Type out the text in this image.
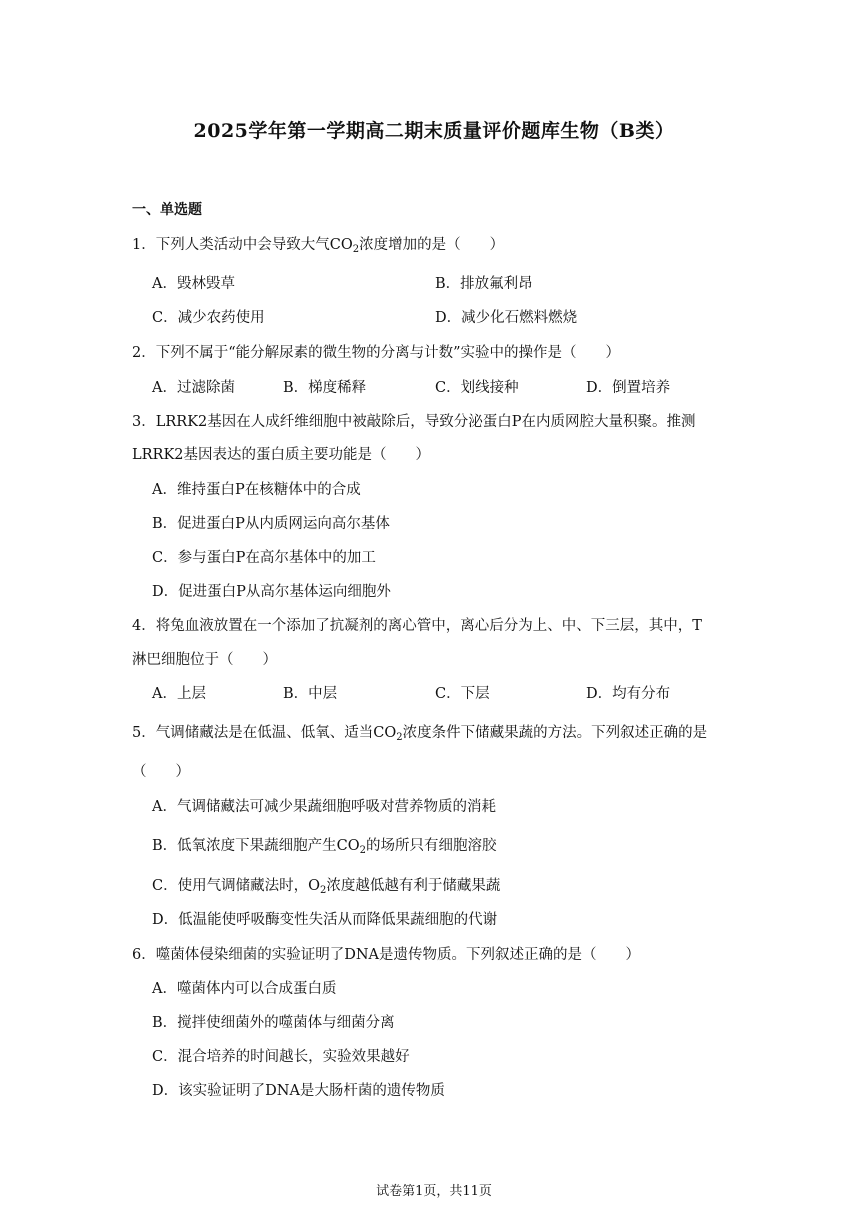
2025学年第一学期高二期末质量评价题库生物（B类）
一、单选题
1．下列人类活动中会导致大气$CO_2$浓度增加的是（　　）
A．毁林毁草	B．排放氟利昂
C．减少农药使用	D．减少化石燃料燃烧
2．下列不属于“能分解尿素的微生物的分离与计数”实验中的操作是（　　）
A．过滤除菌	B．梯度稀释	C．划线接种	D．倒置培养
3．LRRK2基因在人成纤维细胞中被敲除后，导致分泌蛋白P在内质网腔大量积聚。推测
LRRK2基因表达的蛋白质主要功能是（　　）
A．维持蛋白P在核糖体中的合成
B．促进蛋白P从内质网运向高尔基体
C．参与蛋白P在高尔基体中的加工
D．促进蛋白P从高尔基体运向细胞外
4．将兔血液放置在一个添加了抗凝剂的离心管中，离心后分为上、中、下三层，其中，T
淋巴细胞位于（　　）
A．上层	B．中层	C．下层	D．均有分布
5．气调储藏法是在低温、低氧、适当$CO_2$浓度条件下储藏果蔬的方法。下列叙述正确的是
（　　）
A．气调储藏法可减少果蔬细胞呼吸对营养物质的消耗
B．低氧浓度下果蔬细胞产生$CO_2$的场所只有细胞溶胶
C．使用气调储藏法时，$O_2$浓度越低越有利于储藏果蔬
D．低温能使呼吸酶变性失活从而降低果蔬细胞的代谢
6．噬菌体侵染细菌的实验证明了DNA是遗传物质。下列叙述正确的是（　　）
A．噬菌体内可以合成蛋白质
B．搅拌使细菌外的噬菌体与细菌分离
C．混合培养的时间越长，实验效果越好
D．该实验证明了DNA是大肠杆菌的遗传物质
试卷第1页，共11页
